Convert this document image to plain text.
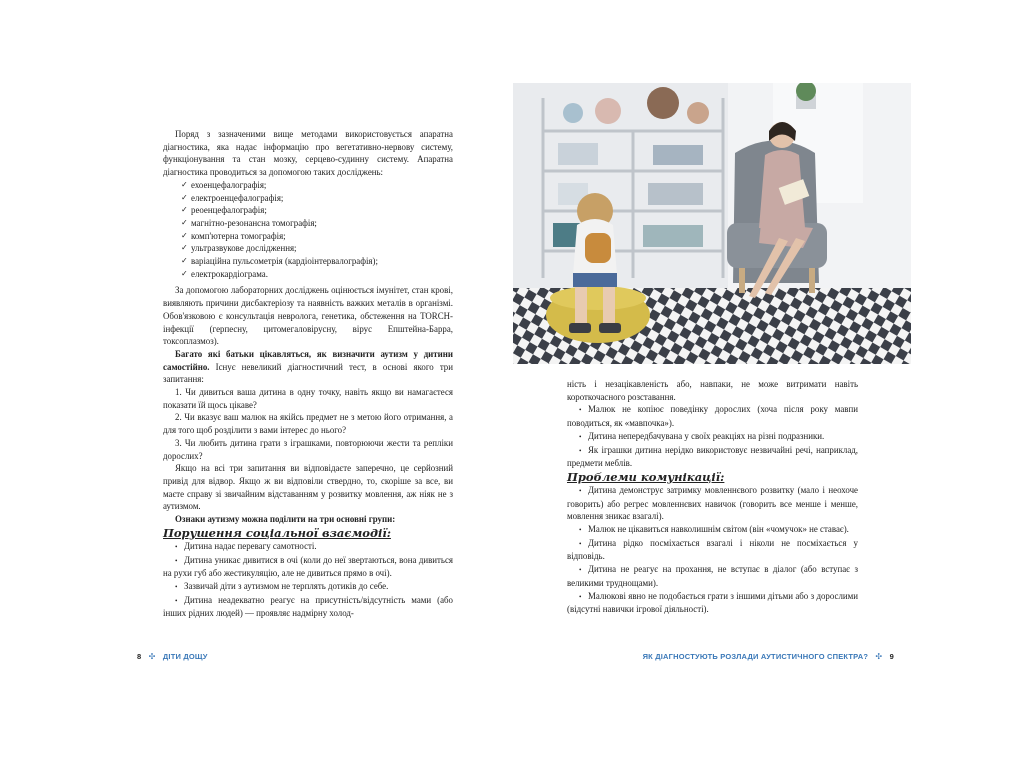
Поряд з зазначеними вище методами використовується апаратна діагностика, яка надає інформацію про вегетативно-нервову систему, функціонування та стан мозку, серцево-судинну систему. Апаратна діагностика проводиться за допомогою таких досліджень:

✓ ехоенцефалографія;
✓ електроенцефалографія;
✓ реоенцефалографія;
✓ магнітно-резонансна томографія;
✓ комп'ютерна томографія;
✓ ультразвукове дослідження;
✓ варіаційна пульсометрія (кардіоінтервалографія);
✓ електрокардіограма.

За допомогою лабораторних досліджень оцінюється імунітет, стан крові, виявляють причини дисбактеріозу та наявність важких металів в організмі. Обов'язковою є консультація невролога, генетика, обстеження на TORCH-інфекції (герпесну, цитомегаловірусну, вірус Епштейна-Барра, токсоплазмоз).

Багато які батьки цікавляться, як визначити аутизм у дитини самостійно. Існує невеликий діагностичний тест, в основі якого три запитання:

1. Чи дивиться ваша дитина в одну точку, навіть якщо ви намагаєтеся показати їй щось цікаве?

2. Чи вказує ваш малюк на якійсь предмет не з метою його отримання, а для того щоб розділити з вами інтерес до нього?

3. Чи любить дитина грати з іграшками, повторюючи жести та репліки дорослих?

Якщо на всі три запитання ви відповідаєте заперечно, це серйозний привід для відвор. Якщо ж ви відповіли ствердно, то, скоріше за все, ви маєте справу зі звичайним відставанням у розвитку мовлення, аж ніяк не з аутизмом.

Ознаки аутизму можна поділити на три основні групи:

Порушення соціальної взаємодії:

• Дитина надає перевагу самотності.
• Дитина уникає дивитися в очі (коли до неї звертаються, вона дивиться на рухи губ або жестикуляцію, але не дивиться прямо в очі).
• Зазвичай діти з аутизмом не терплять дотиків до себе.
• Дитина неадекватно реагує на присутність/відсутність мами (або інших рідних людей) — проявляє надмірну холод-

ність і незацікавленість або, навпаки, не може витримати навіть короткочасного розставання.

• Малюк не копіює поведінку дорослих (хоча після року мавпи поводиться, як «мавпочка»).
• Дитина непередбачувана у своїх реакціях на різні подразники.
• Як іграшки дитина нерідко використовує незвичайні речі, наприклад, предмети меблів.

Проблеми комунікації:

• Дитина демонструє затримку мовленнєвого розвитку (мало і неохоче говорить) або регрес мовленнєвих навичок (говорить все менше і менше, мовлення зникає взагалі).
• Малюк не цікавиться навколишнім світом (він «чомучок» не ставає).
• Дитина рідко посміхається взагалі і ніколи не посміхається у відповідь.
• Дитина не реагує на прохання, не вступає в діалог (або вступає з великими труднощами).
• Малюкові явно не подобається грати з іншими дітьми або з дорослими (відсутні навички ігрової діяльності).
8 ✣ ДІТИ ДОЩУ	ЯК ДІАГНОСТУЮТЬ РОЗЛАДИ АУТИСТИЧНОГО СПЕКТРА? ✣ 9
